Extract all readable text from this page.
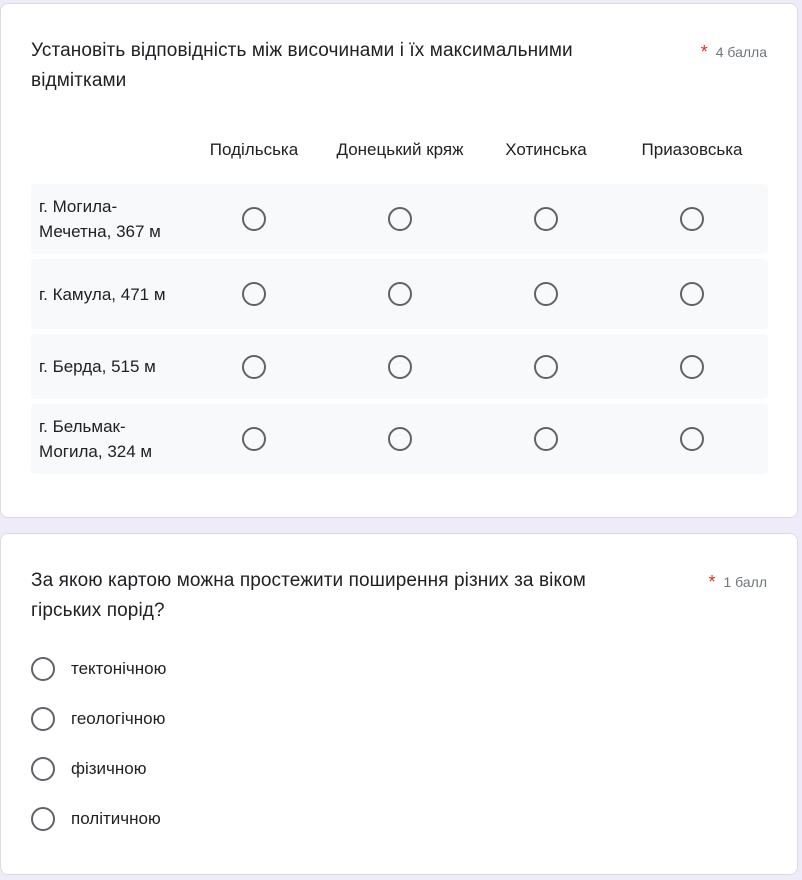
Установіть відповідність між височинами і їх максимальними відмітками
* 4 балла
Подільська	Донецький кряж	Хотинська	Приазовська
г. Могила-Мечетна, 367 м
г. Камула, 471 м
г. Берда, 515 м
г. Бельмак-Могила, 324 м
За якою картою можна простежити поширення різних за віком гірських порід?
* 1 балл
тектонічною
геологічною
фізичною
політичною
